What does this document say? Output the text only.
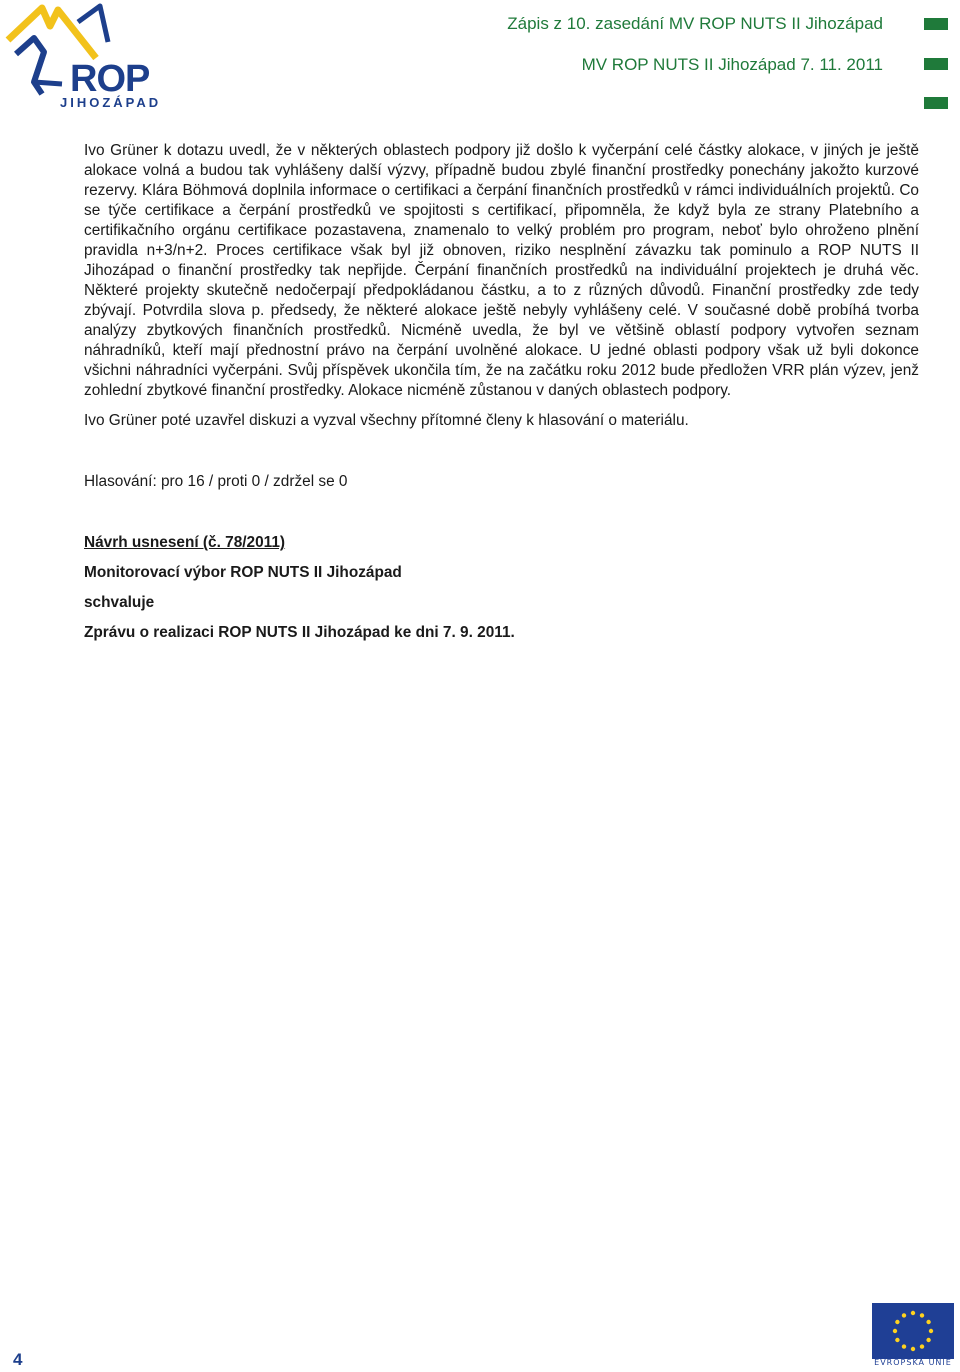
ROP
JIHOZÁPAD
Zápis z 10. zasedání MV ROP NUTS II Jihozápad
MV ROP NUTS II Jihozápad 7. 11. 2011

Ivo Grüner k dotazu uvedl, že v některých oblastech podpory již došlo k vyčerpání celé částky alokace, v jiných je ještě alokace volná a budou tak vyhlášeny další výzvy, případně budou zbylé finanční prostředky ponechány jakožto kurzové rezervy. Klára Böhmová doplnila informace o certifikaci a čerpání finančních prostředků v rámci individuálních projektů. Co se týče certifikace a čerpání prostředků ve spojitosti s certifikací, připomněla, že když byla ze strany Platebního a certifikačního orgánu certifikace pozastavena, znamenalo to velký problém pro program, neboť bylo ohroženo plnění pravidla n+3/n+2. Proces certifikace však byl již obnoven, riziko nesplnění závazku tak pominulo a ROP NUTS II Jihozápad o finanční prostředky tak nepřijde. Čerpání finančních prostředků na individuální projektech je druhá věc. Některé projekty skutečně nedočerpají předpokládanou částku, a to z různých důvodů. Finanční prostředky zde tedy zbývají. Potvrdila slova p. předsedy, že některé alokace ještě nebyly vyhlášeny celé. V současné době probíhá tvorba analýzy zbytkových finančních prostředků. Nicméně uvedla, že byl ve většině oblastí podpory vytvořen seznam náhradníků, kteří mají přednostní právo na čerpání uvolněné alokace. U jedné oblasti podpory však už byli dokonce všichni náhradníci vyčerpáni. Svůj příspěvek ukončila tím, že na začátku roku 2012 bude předložen VRR plán výzev, jenž zohlední zbytkové finanční prostředky. Alokace nicméně zůstanou v daných oblastech podpory.

Ivo Grüner poté uzavřel diskuzi a vyzval všechny přítomné členy k hlasování o materiálu.

Hlasování: pro 16 / proti 0 / zdržel se 0

Návrh usnesení (č. 78/2011)

Monitorovací výbor ROP NUTS II Jihozápad

schvaluje

Zprávu o realizaci ROP NUTS II Jihozápad ke dni 7. 9. 2011.

4	EVROPSKÁ UNIE
